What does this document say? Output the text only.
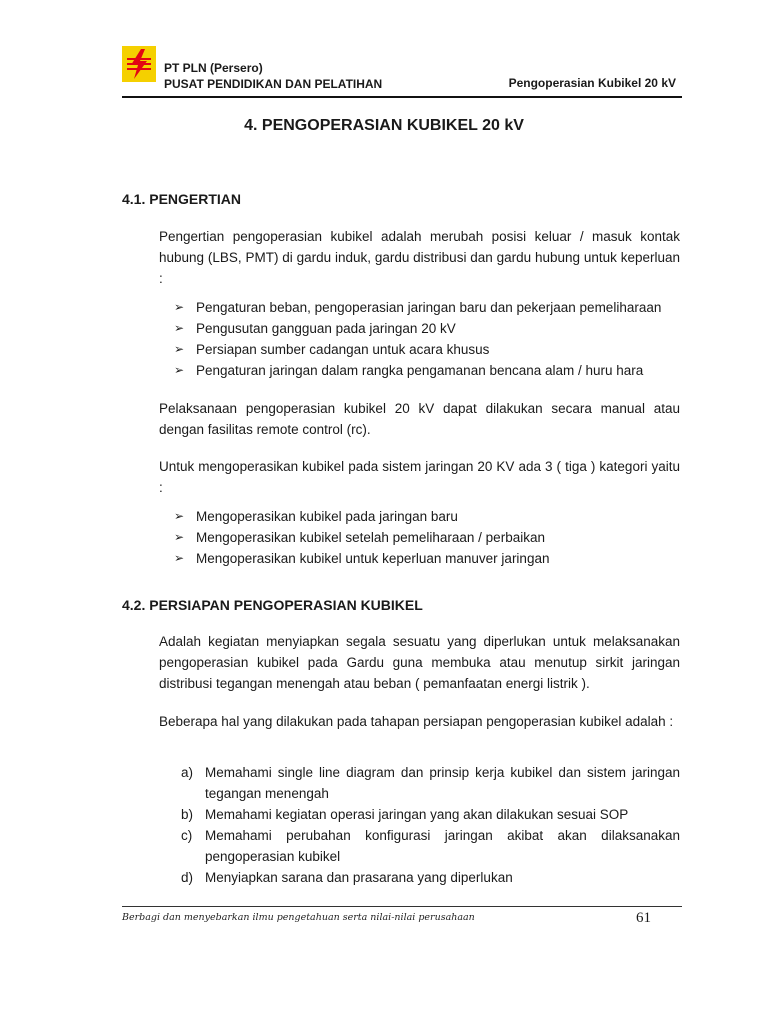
PT PLN (Persero)
PUSAT PENDIDIKAN DAN PELATIHAN	Pengoperasian Kubikel 20 kV
4. PENGOPERASIAN KUBIKEL 20 kV
4.1. PENGERTIAN

Pengertian pengoperasian kubikel adalah merubah posisi keluar / masuk kontak hubung (LBS, PMT) di gardu induk, gardu distribusi dan gardu hubung untuk keperluan :

➢ Pengaturan beban, pengoperasian jaringan baru dan pekerjaan pemeliharaan
➢ Pengusutan gangguan pada jaringan 20 kV
➢ Persiapan sumber cadangan untuk acara khusus
➢ Pengaturan jaringan dalam rangka pengamanan bencana alam / huru hara

Pelaksanaan pengoperasian kubikel 20 kV dapat dilakukan secara manual atau dengan fasilitas remote control (rc).

Untuk mengoperasikan kubikel pada sistem jaringan 20 KV ada 3 ( tiga ) kategori yaitu :

➢ Mengoperasikan kubikel pada jaringan baru
➢ Mengoperasikan kubikel setelah pemeliharaan / perbaikan
➢ Mengoperasikan kubikel untuk keperluan manuver jaringan
4.2. PERSIAPAN PENGOPERASIAN KUBIKEL

Adalah kegiatan menyiapkan segala sesuatu yang diperlukan untuk melaksanakan pengoperasian kubikel pada Gardu guna membuka atau menutup sirkit jaringan distribusi tegangan menengah atau beban ( pemanfaatan energi listrik ).

Beberapa hal yang dilakukan pada tahapan persiapan pengoperasian kubikel adalah :

a) Memahami single line diagram dan prinsip kerja kubikel dan sistem jaringan tegangan menengah
b) Memahami kegiatan operasi jaringan yang akan dilakukan sesuai SOP
c) Memahami perubahan konfigurasi jaringan akibat akan dilaksanakan pengoperasian kubikel
d) Menyiapkan sarana dan prasarana yang diperlukan
Berbagi dan menyebarkan ilmu pengetahuan serta nilai-nilai perusahaan	61
